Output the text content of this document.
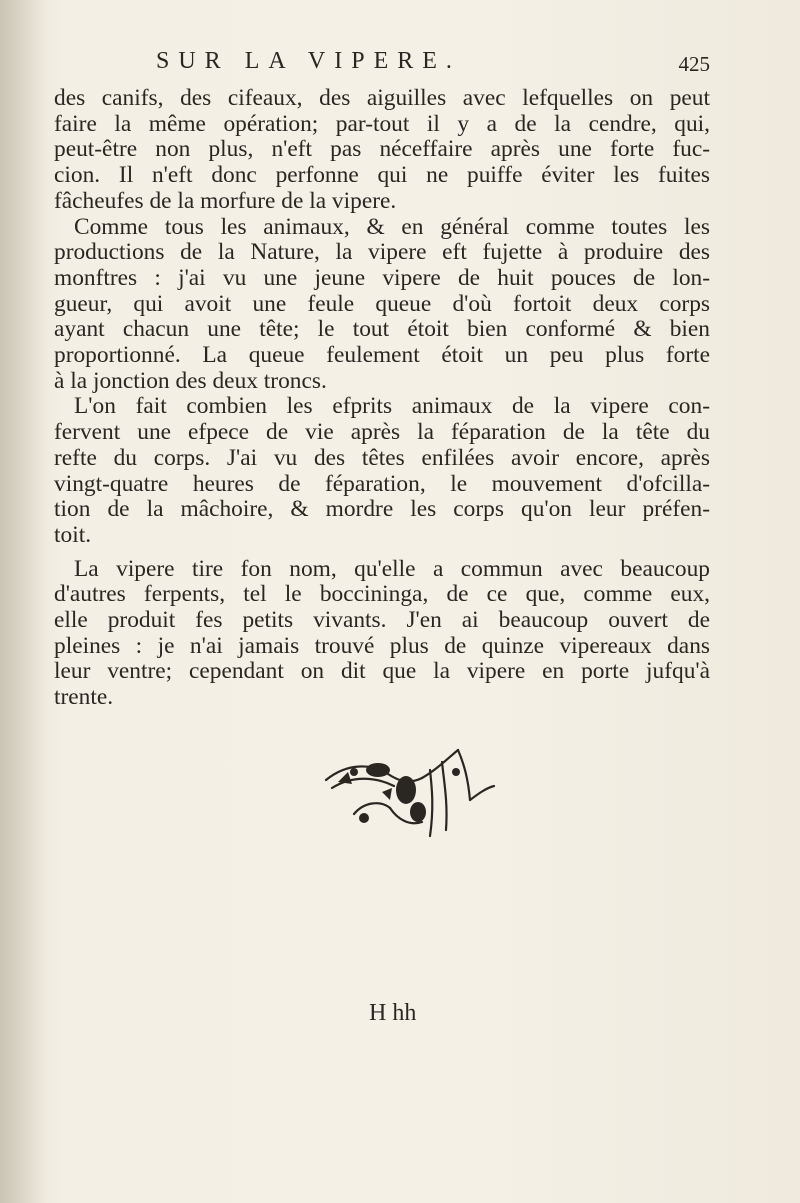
SUR LA VIPERE.	425
des canifs, des cifeaux, des aiguilles avec lefquelles on peut
faire la même opération; par-tout il y a de la cendre, qui,
peut-être non plus, n'eft pas néceffaire après une forte fuc-
cion. Il n'eft donc perfonne qui ne puiffe éviter les fuites
fâcheufes de la morfure de la vipere.
Comme tous les animaux, & en général comme toutes les
productions de la Nature, la vipere eft fujette à produire des
monftres : j'ai vu une jeune vipere de huit pouces de lon-
gueur, qui avoit une feule queue d'où fortoit deux corps
ayant chacun une tête; le tout étoit bien conformé & bien
proportionné. La queue feulement étoit un peu plus forte
à la jonction des deux troncs.
L'on fait combien les efprits animaux de la vipere con-
fervent une efpece de vie après la féparation de la tête du
refte du corps. J'ai vu des têtes enfilées avoir encore, après
vingt-quatre heures de féparation, le mouvement d'ofcilla-
tion de la mâchoire, & mordre les corps qu'on leur préfen-
toit.
La vipere tire fon nom, qu'elle a commun avec beaucoup
d'autres ferpents, tel le boccininga, de ce que, comme eux,
elle produit fes petits vivants. J'en ai beaucoup ouvert de
pleines : je n'ai jamais trouvé plus de quinze vipereaux dans
leur ventre; cependant on dit que la vipere en porte jufqu'à
trente.
H hh
